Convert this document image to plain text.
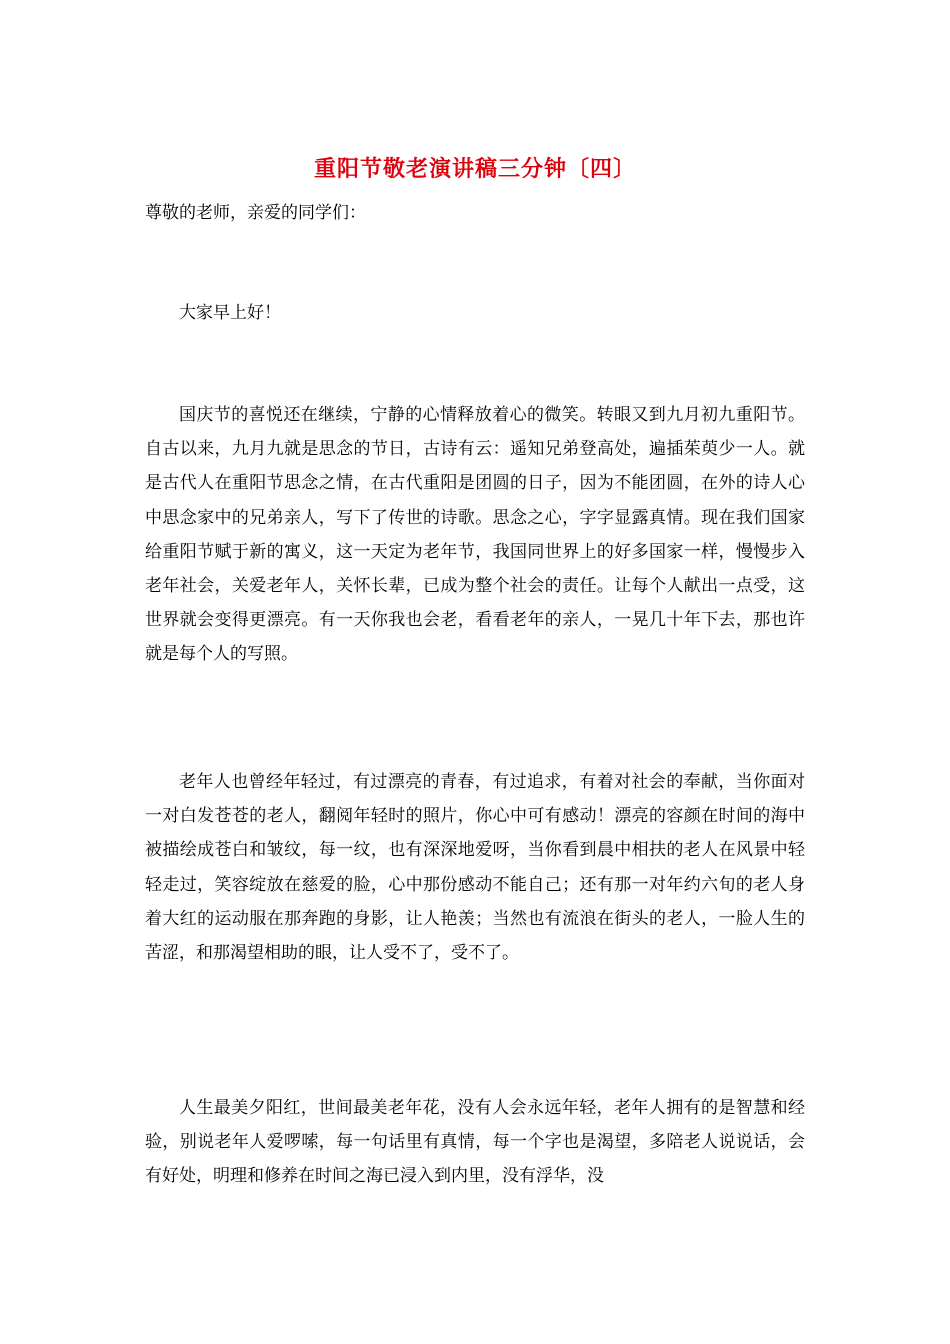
重阳节敬老演讲稿三分钟〔四〕

尊敬的老师，亲爱的同学们：

大家早上好！

国庆节的喜悦还在继续，宁静的心情释放着心的微笑。转眼又到九月初九重阳节。自古以来，九月九就是思念的节日，古诗有云：遥知兄弟登高处，遍插茱萸少一人。就是古代人在重阳节思念之情，在古代重阳是团圆的日子，因为不能团圆，在外的诗人心中思念家中的兄弟亲人，写下了传世的诗歌。思念之心，字字显露真情。现在我们国家给重阳节赋于新的寓义，这一天定为老年节，我国同世界上的好多国家一样，慢慢步入老年社会，关爱老年人，关怀长辈，已成为整个社会的责任。让每个人献出一点受，这世界就会变得更漂亮。有一天你我也会老，看看老年的亲人，一晃几十年下去，那也许就是每个人的写照。

老年人也曾经年轻过，有过漂亮的青春，有过追求，有着对社会的奉献，当你面对一对白发苍苍的老人，翻阅年轻时的照片，你心中可有感动！漂亮的容颜在时间的海中被描绘成苍白和皱纹，每一纹，也有深深地爱呀，当你看到晨中相扶的老人在风景中轻轻走过，笑容绽放在慈爱的脸，心中那份感动不能自己；还有那一对年约六旬的老人身着大红的运动服在那奔跑的身影，让人艳羡；当然也有流浪在街头的老人，一脸人生的苦涩，和那渴望相助的眼，让人受不了，受不了。

人生最美夕阳红，世间最美老年花，没有人会永远年轻，老年人拥有的是智慧和经验，别说老年人爱啰嗦，每一句话里有真情，每一个字也是渴望，多陪老人说说话，会有好处，明理和修养在时间之海已浸入到内里，没有浮华，没
